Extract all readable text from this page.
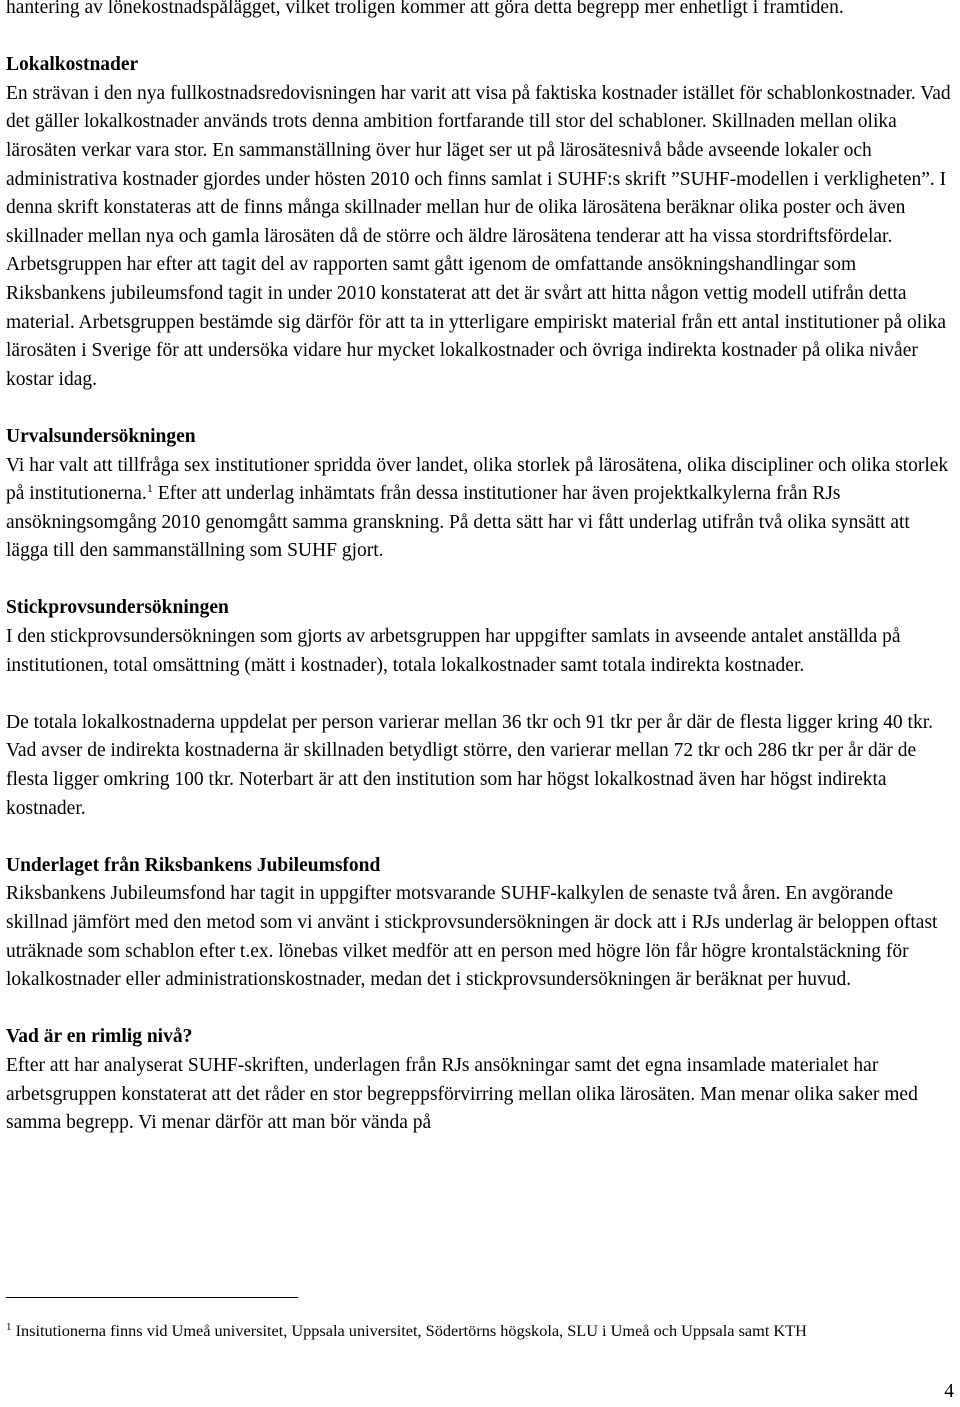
hantering av lönekostnadspålägget, vilket troligen kommer att göra detta begrepp mer enhetligt i framtiden.

Lokalkostnader

En strävan i den nya fullkostnadsredovisningen har varit att visa på faktiska kostnader istället för schablonkostnader. Vad det gäller lokalkostnader används trots denna ambition fortfarande till stor del schabloner. Skillnaden mellan olika lärosäten verkar vara stor. En sammanställning över hur läget ser ut på lärosätesnivå både avseende lokaler och administrativa kostnader gjordes under hösten 2010 och finns samlat i SUHF:s skrift ”SUHF-modellen i verkligheten”. I denna skrift konstateras att de finns många skillnader mellan hur de olika lärosätena beräknar olika poster och även skillnader mellan nya och gamla lärosäten då de större och äldre lärosätena tenderar att ha vissa stordriftsfördelar. Arbetsgruppen har efter att tagit del av rapporten samt gått igenom de omfattande ansökningshandlingar som Riksbankens jubileumsfond tagit in under 2010 konstaterat att det är svårt att hitta någon vettig modell utifrån detta material. Arbetsgruppen bestämde sig därför för att ta in ytterligare empiriskt material från ett antal institutioner på olika lärosäten i Sverige för att undersöka vidare hur mycket lokalkostnader och övriga indirekta kostnader på olika nivåer kostar idag.

Urvalsundersökningen

Vi har valt att tillfråga sex institutioner spridda över landet, olika storlek på lärosätena, olika discipliner och olika storlek på institutionerna.$^1$ Efter att underlag inhämtats från dessa institutioner har även projektkalkylerna från RJs ansökningsomgång 2010 genomgått samma granskning. På detta sätt har vi fått underlag utifrån två olika synsätt att lägga till den sammanställning som SUHF gjort.

Stickprovsundersökningen

I den stickprovsundersökningen som gjorts av arbetsgruppen har uppgifter samlats in avseende antalet anställda på institutionen, total omsättning (mätt i kostnader), totala lokalkostnader samt totala indirekta kostnader.

De totala lokalkostnaderna uppdelat per person varierar mellan 36 tkr och 91 tkr per år där de flesta ligger kring 40 tkr. Vad avser de indirekta kostnaderna är skillnaden betydligt större, den varierar mellan 72 tkr och 286 tkr per år där de flesta ligger omkring 100 tkr. Noterbart är att den institution som har högst lokalkostnad även har högst indirekta kostnader.

Underlaget från Riksbankens Jubileumsfond

Riksbankens Jubileumsfond har tagit in uppgifter motsvarande SUHF-kalkylen de senaste två åren. En avgörande skillnad jämfört med den metod som vi använt i stickprovsundersökningen är dock att i RJs underlag är beloppen oftast uträknade som schablon efter t.ex. lönebas vilket medför att en person med högre lön får högre krontalstäckning för lokalkostnader eller administrationskostnader, medan det i stickprovsundersökningen är beräknat per huvud.

Vad är en rimlig nivå?

Efter att har analyserat SUHF-skriften, underlagen från RJs ansökningar samt det egna insamlade materialet har arbetsgruppen konstaterat att det råder en stor begreppsförvirring mellan olika lärosäten. Man menar olika saker med samma begrepp. Vi menar därför att man bör vända på

$^1$ Insitutionerna finns vid Umeå universitet, Uppsala universitet, Södertörns högskola, SLU i Umeå och Uppsala samt KTH

4
